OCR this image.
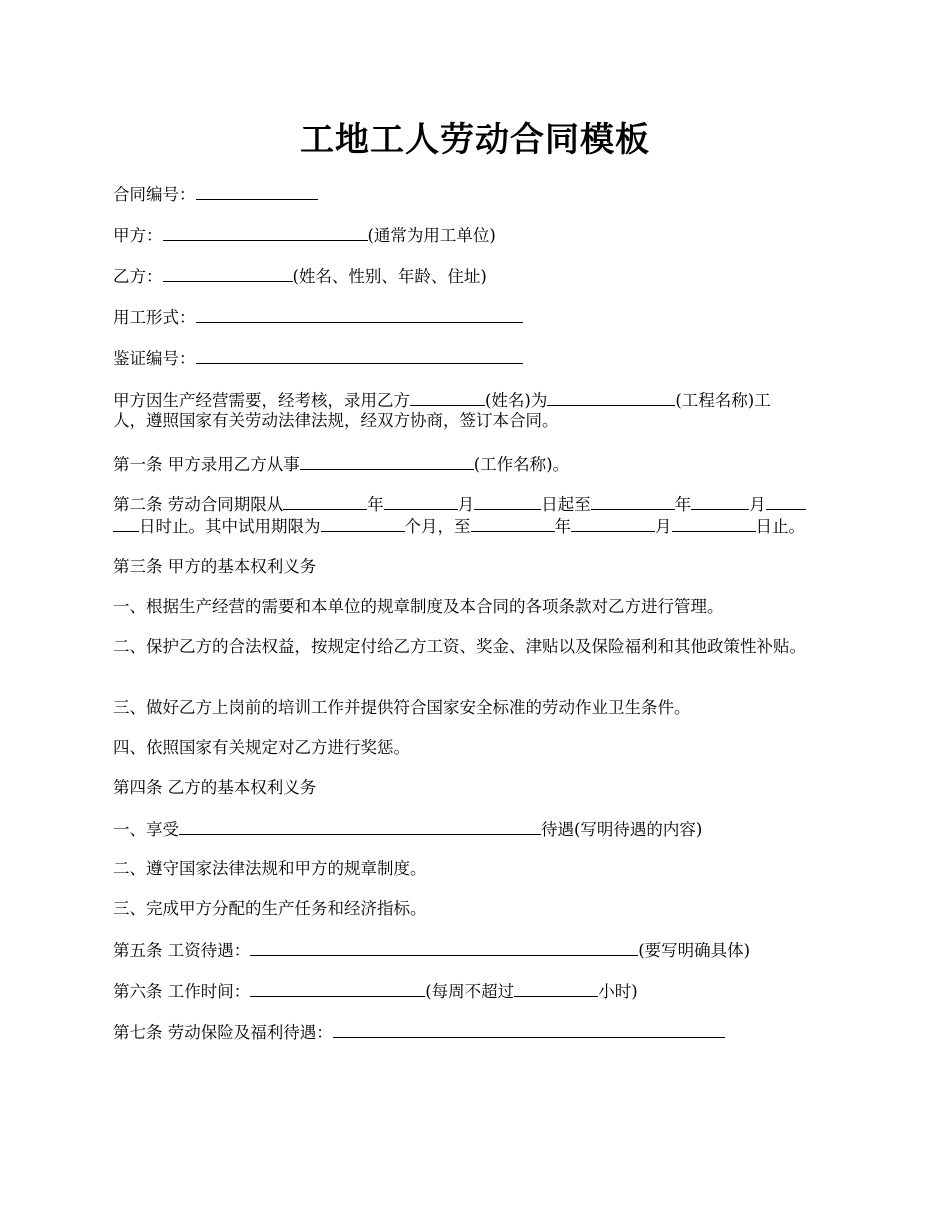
工地工人劳动合同模板
合同编号：
甲方：	(通常为用工单位)
乙方：	(姓名、性别、年龄、住址)
用工形式：
鉴证编号：
甲方因生产经营需要，经考核，录用乙方	(姓名)为	(工程名称)工
人，遵照国家有关劳动法律法规，经双方协商，签订本合同。
第一条 甲方录用乙方从事	(工作名称)。
第二条 劳动合同期限从	年	月	日起至	年	月
日时止。其中试用期限为	个月，至	年	月	日止。
第三条 甲方的基本权利义务
一、根据生产经营的需要和本单位的规章制度及本合同的各项条款对乙方进行管理。
二、保护乙方的合法权益，按规定付给乙方工资、奖金、津贴以及保险福利和其他政策性补贴。
三、做好乙方上岗前的培训工作并提供符合国家安全标准的劳动作业卫生条件。
四、依照国家有关规定对乙方进行奖惩。
第四条 乙方的基本权利义务
一、享受	待遇(写明待遇的内容)
二、遵守国家法律法规和甲方的规章制度。
三、完成甲方分配的生产任务和经济指标。
第五条 工资待遇：	(要写明确具体)
第六条 工作时间：	(每周不超过	小时)
第七条 劳动保险及福利待遇：
